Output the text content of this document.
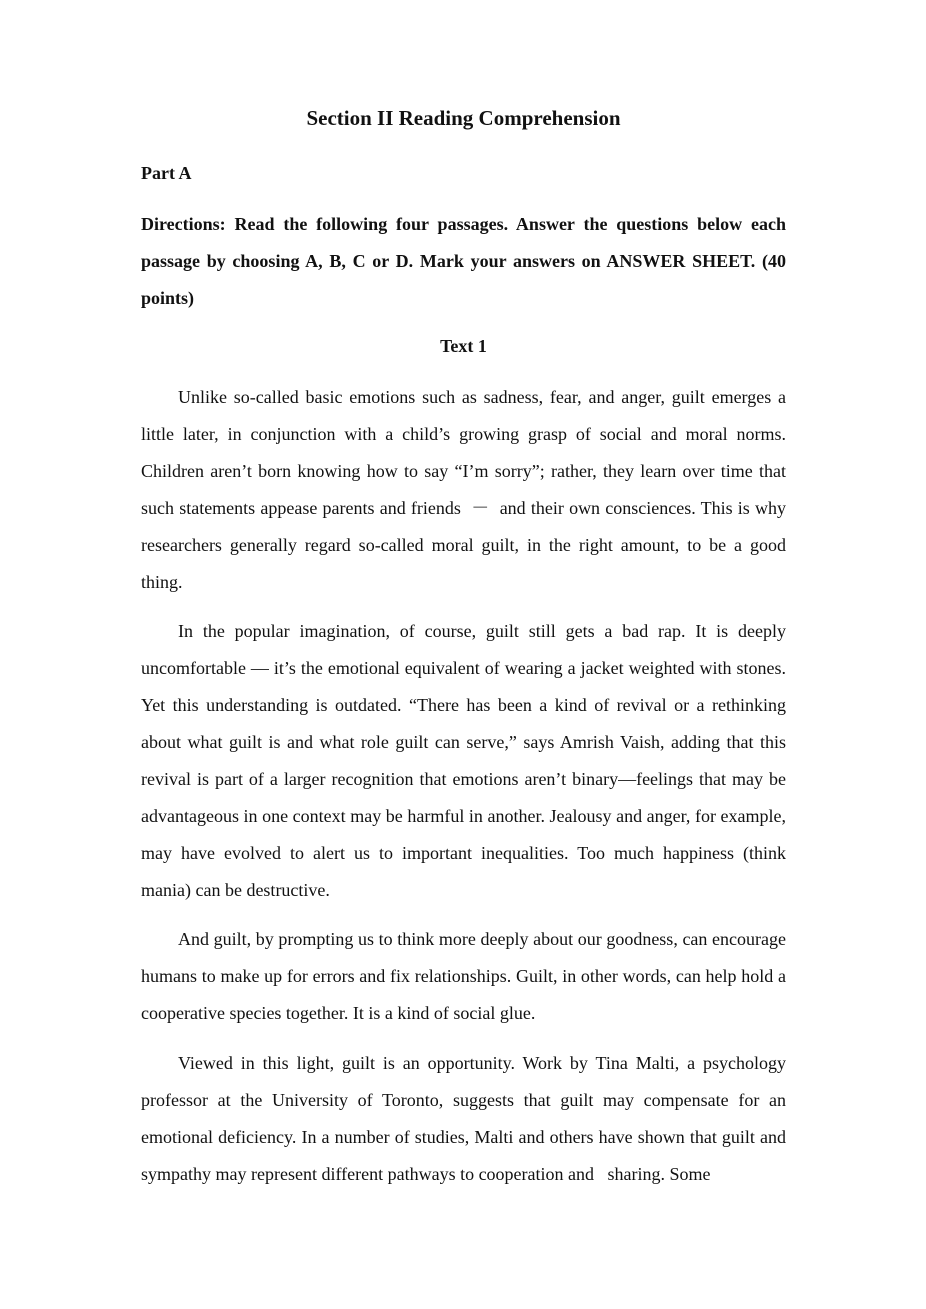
Section II Reading Comprehension
Part A

Directions: Read the following four passages. Answer the questions below each passage by choosing A, B, C or D. Mark your answers on ANSWER SHEET. (40 points)

Text 1

Unlike so-called basic emotions such as sadness, fear, and anger, guilt emerges a little later, in conjunction with a child’s growing grasp of social and moral norms. Children aren’t born knowing how to say “I’m sorry”; rather, they learn over time that such statements appease parents and friends  －  and their own consciences. This is why researchers generally regard so-called moral guilt, in the right amount, to be a good thing.

In the popular imagination, of course, guilt still gets a bad rap. It is deeply uncomfortable — it’s the emotional equivalent of wearing a jacket weighted with stones. Yet this understanding is outdated. “There has been a kind of revival or a rethinking about what guilt is and what role guilt can serve,” says Amrish Vaish, adding that this revival is part of a larger recognition that emotions aren’t binary—feelings that may be advantageous in one context may be harmful in another. Jealousy and anger, for example, may have evolved to alert us to important inequalities. Too much happiness (think mania) can be destructive.

And guilt, by prompting us to think more deeply about our goodness, can encourage humans to make up for errors and fix relationships. Guilt, in other words, can help hold a cooperative species together. It is a kind of social glue.

Viewed in this light, guilt is an opportunity. Work by Tina Malti, a psychology professor at the University of Toronto, suggests that guilt may compensate for an emotional deficiency. In a number of studies, Malti and others have shown that guilt and sympathy may represent different pathways to cooperation and   sharing. Some
